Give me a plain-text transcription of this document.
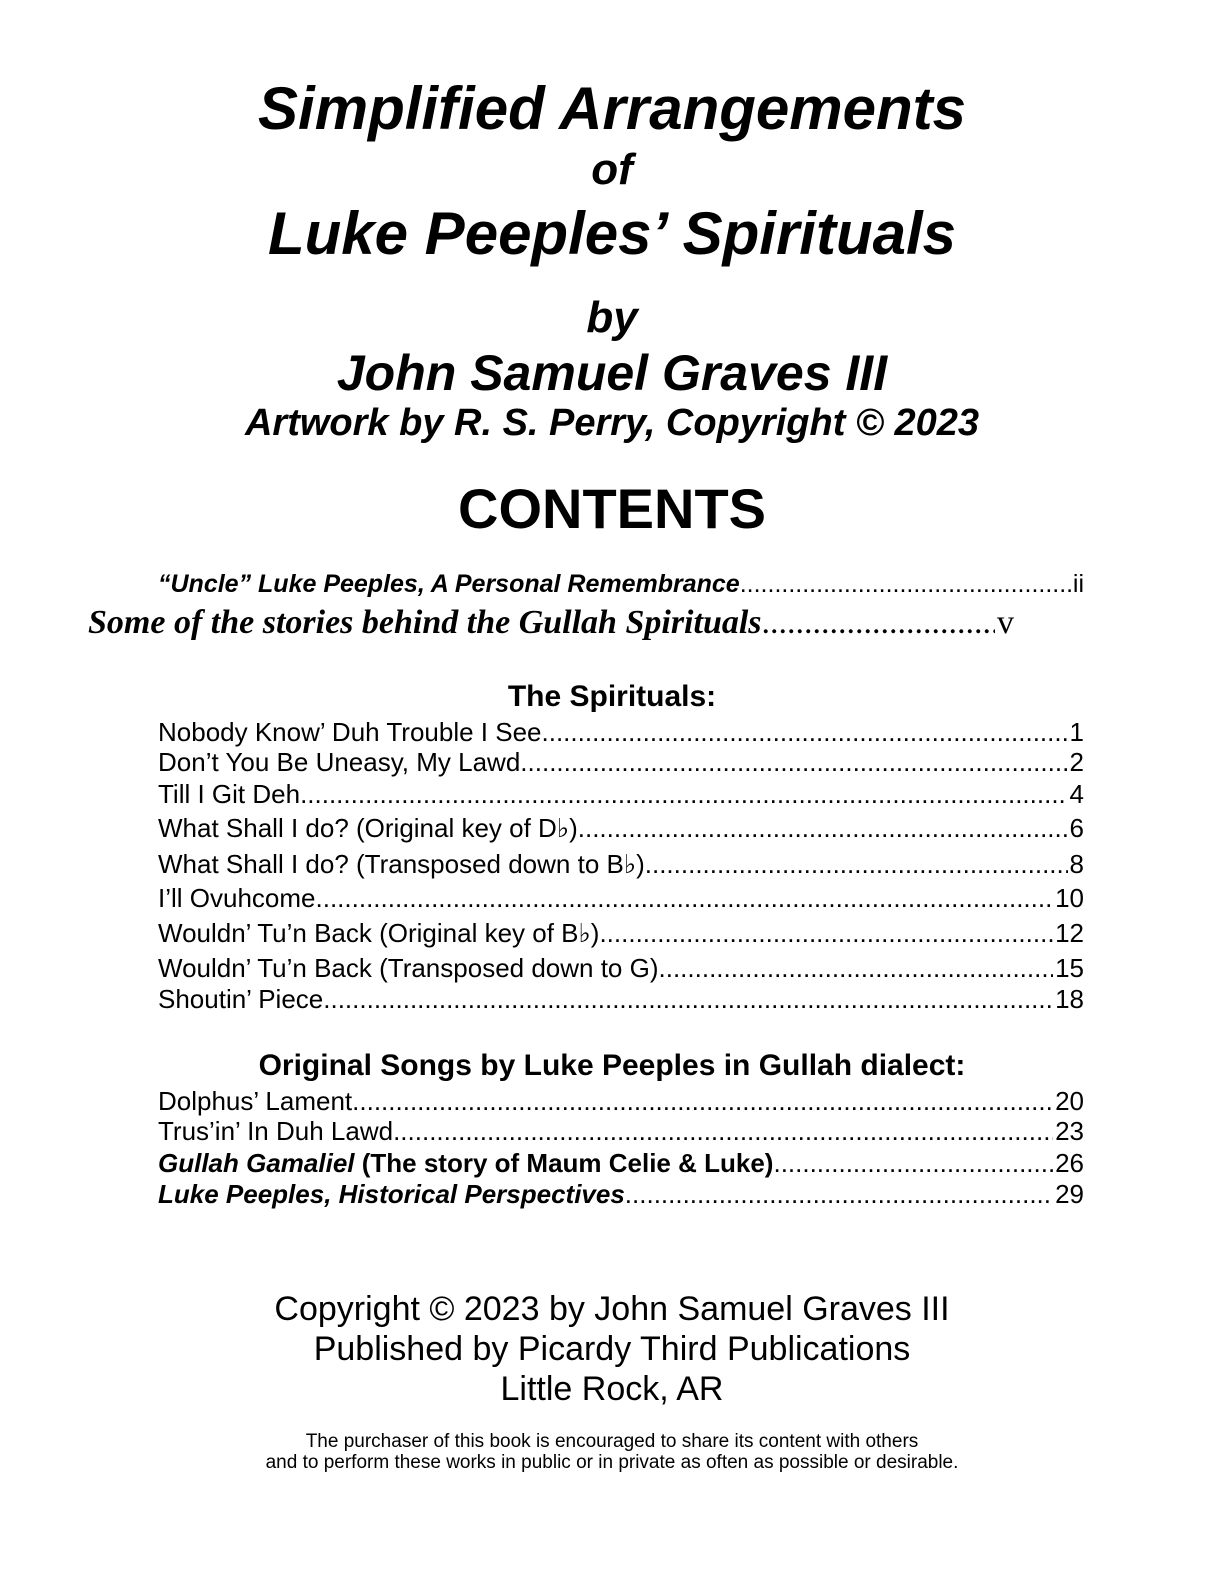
Simplified Arrangements
of
Luke Peeples’ Spirituals
by
John Samuel Graves III
Artwork by R. S. Perry, Copyright © 2023
CONTENTS
“Uncle” Luke Peeples, A Personal Remembrance .....	ii
Some of the stories behind the Gullah Spirituals .....	v
The Spirituals:
Nobody Know’ Duh Trouble I See .....	1
Don’t You Be Uneasy, My Lawd .....	2
Till I Git Deh .....	4
What Shall I do? (Original key of D♭) .....	6
What Shall I do? (Transposed down to B♭) .....	8
I’ll Ovuhcome .....	10
Wouldn’ Tu’n Back (Original key of B♭) .....	12
Wouldn’ Tu’n Back (Transposed down to G) .....	15
Shoutin’ Piece .....	18
Original Songs by Luke Peeples in Gullah dialect:
Dolphus’ Lament .....	20
Trus’in’ In Duh Lawd .....	23
Gullah Gamaliel (The story of Maum Celie & Luke) .....	26
Luke Peeples, Historical Perspectives .....	29
Copyright © 2023 by John Samuel Graves III
Published by Picardy Third Publications
Little Rock, AR
The purchaser of this book is encouraged to share its content with others
and to perform these works in public or in private as often as possible or desirable.
